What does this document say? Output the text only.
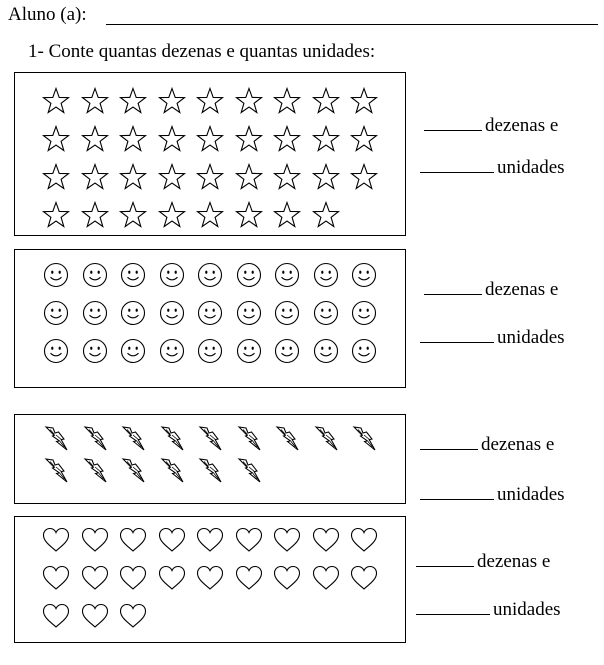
Aluno (a):
1- Conte quantas dezenas e quantas unidades:
dezenas e
unidades
dezenas e
unidades
dezenas e
unidades
dezenas e
unidades
